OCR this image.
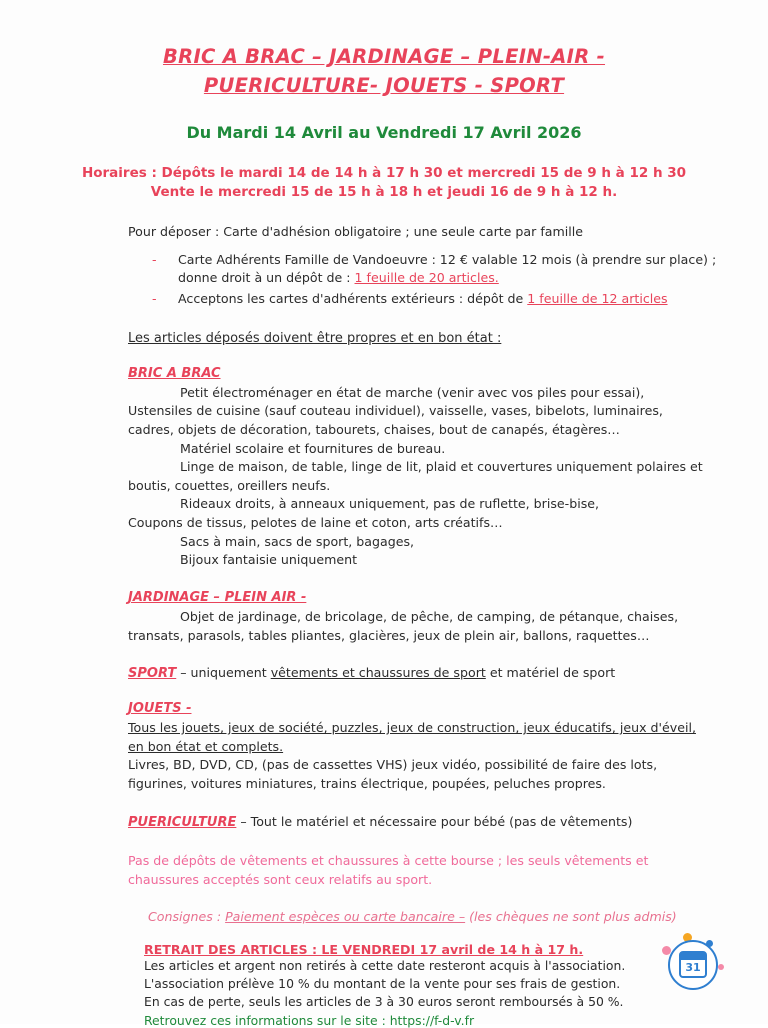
BRIC A BRAC – JARDINAGE – PLEIN-AIR -
PUERICULTURE- JOUETS - SPORT
Du Mardi 14 Avril au Vendredi 17 Avril 2026
Horaires : Dépôts le mardi 14 de 14 h à 17 h 30 et mercredi 15 de 9 h à 12 h 30
Vente le mercredi 15 de 15 h à 18 h et jeudi 16 de 9 h à 12 h.
Pour déposer : Carte d'adhésion obligatoire ; une seule carte par famille
- Carte Adhérents Famille de Vandoeuvre : 12 € valable 12 mois (à prendre sur place) ; donne droit à un dépôt de : 1 feuille de 20 articles.
- Acceptons les cartes d'adhérents extérieurs : dépôt de 1 feuille de 12 articles
Les articles déposés doivent être propres et en bon état :
BRIC A BRAC
Petit électroménager en état de marche (venir avec vos piles pour essai),
Ustensiles de cuisine (sauf couteau individuel), vaisselle, vases, bibelots, luminaires,
cadres, objets de décoration, tabourets, chaises, bout de canapés, étagères…
Matériel scolaire et fournitures de bureau.
Linge de maison, de table, linge de lit, plaid et couvertures uniquement polaires et
boutis, couettes, oreillers neufs.
Rideaux droits, à anneaux uniquement, pas de ruflette, brise-bise,
Coupons de tissus, pelotes de laine et coton, arts créatifs…
Sacs à main, sacs de sport, bagages,
Bijoux fantaisie uniquement
JARDINAGE – PLEIN AIR -
Objet de jardinage, de bricolage, de pêche, de camping, de pétanque, chaises,
transats, parasols, tables pliantes, glacières, jeux de plein air, ballons, raquettes…
SPORT – uniquement vêtements et chaussures de sport et matériel de sport
JOUETS -
Tous les jouets, jeux de société, puzzles, jeux de construction, jeux éducatifs, jeux d'éveil,
en bon état et complets.
Livres, BD, DVD, CD, (pas de cassettes VHS) jeux vidéo, possibilité de faire des lots,
figurines, voitures miniatures, trains électrique, poupées, peluches propres.
PUERICULTURE – Tout le matériel et nécessaire pour bébé (pas de vêtements)
Pas de dépôts de vêtements et chaussures à cette bourse ; les seuls vêtements et
chaussures acceptés sont ceux relatifs au sport.
Consignes : Paiement espèces ou carte bancaire – (les chèques ne sont plus admis)
RETRAIT DES ARTICLES : LE VENDREDI 17 avril de 14 h à 17 h.
Les articles et argent non retirés à cette date resteront acquis à l'association.
L'association prélève 10 % du montant de la vente pour ses frais de gestion.
En cas de perte, seuls les articles de 3 à 30 euros seront remboursés à 50 %.
Retrouvez ces informations sur le site : https://f-d-v.fr
31
